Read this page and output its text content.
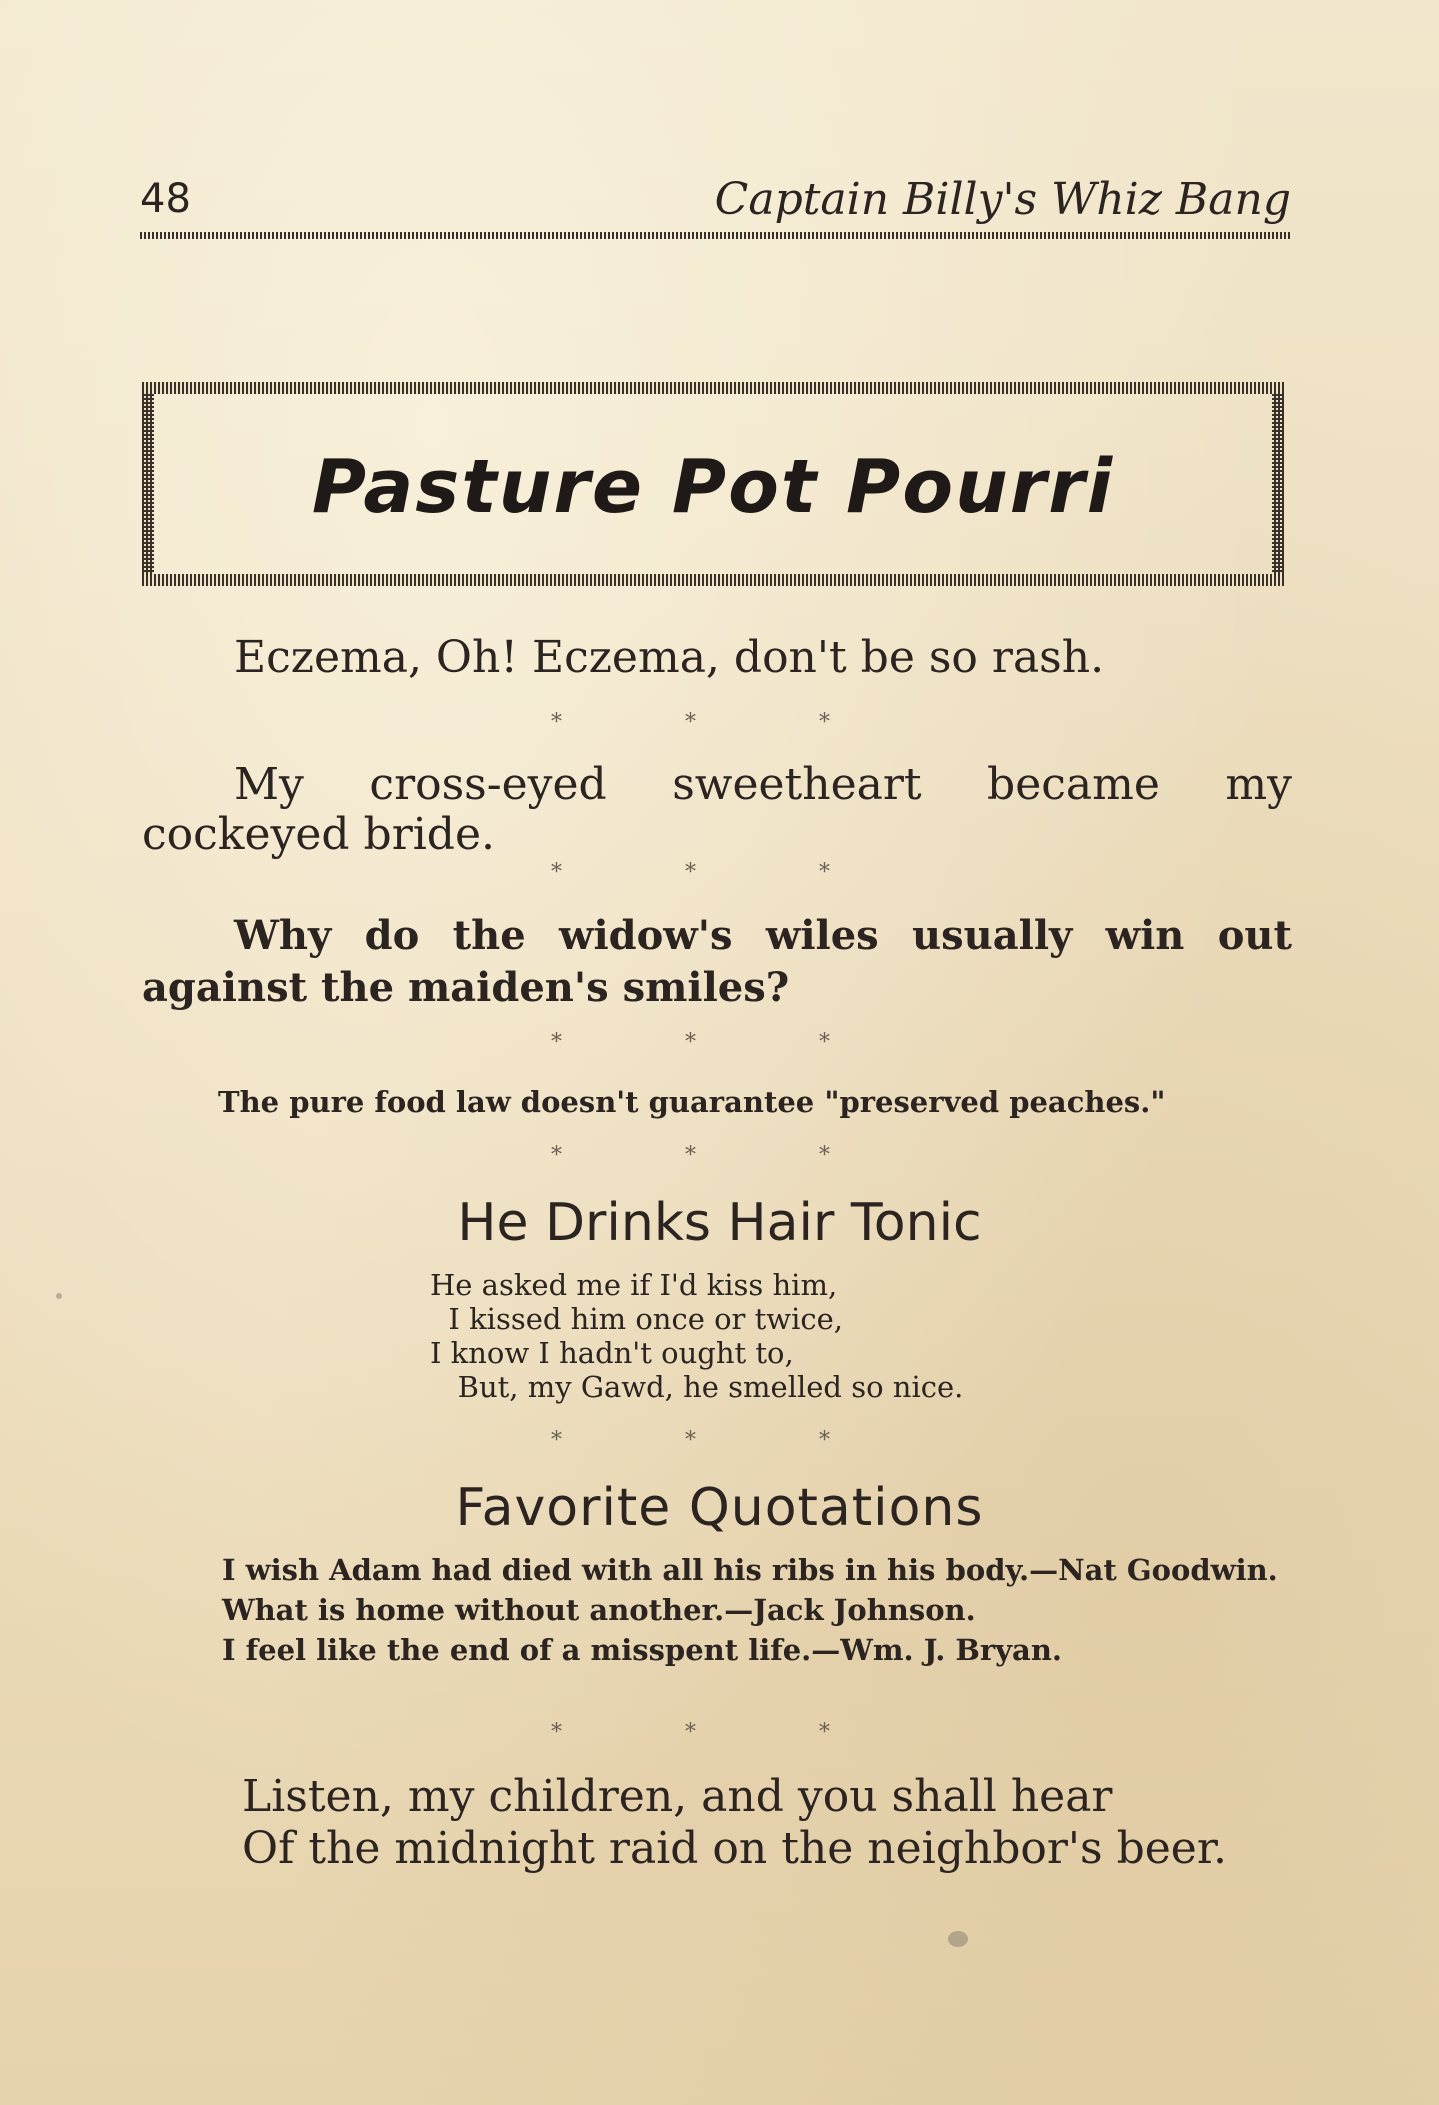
48	Captain Billy's Whiz Bang
Pasture Pot Pourri
Eczema, Oh! Eczema, don't be so rash.
* * *
My cross-eyed sweetheart became my cockeyed bride.
* * *
Why do the widow's wiles usually win out against the maiden's smiles?
* * *
The pure food law doesn't guarantee "preserved peaches."
* * *
He Drinks Hair Tonic
He asked me if I'd kiss him,
I kissed him once or twice,
I know I hadn't ought to,
But, my Gawd, he smelled so nice.
* * *
Favorite Quotations
I wish Adam had died with all his ribs in his body.—Nat Goodwin.
What is home without another.—Jack Johnson.
I feel like the end of a misspent life.—Wm. J. Bryan.
* * *
Listen, my children, and you shall hear
Of the midnight raid on the neighbor's beer.
